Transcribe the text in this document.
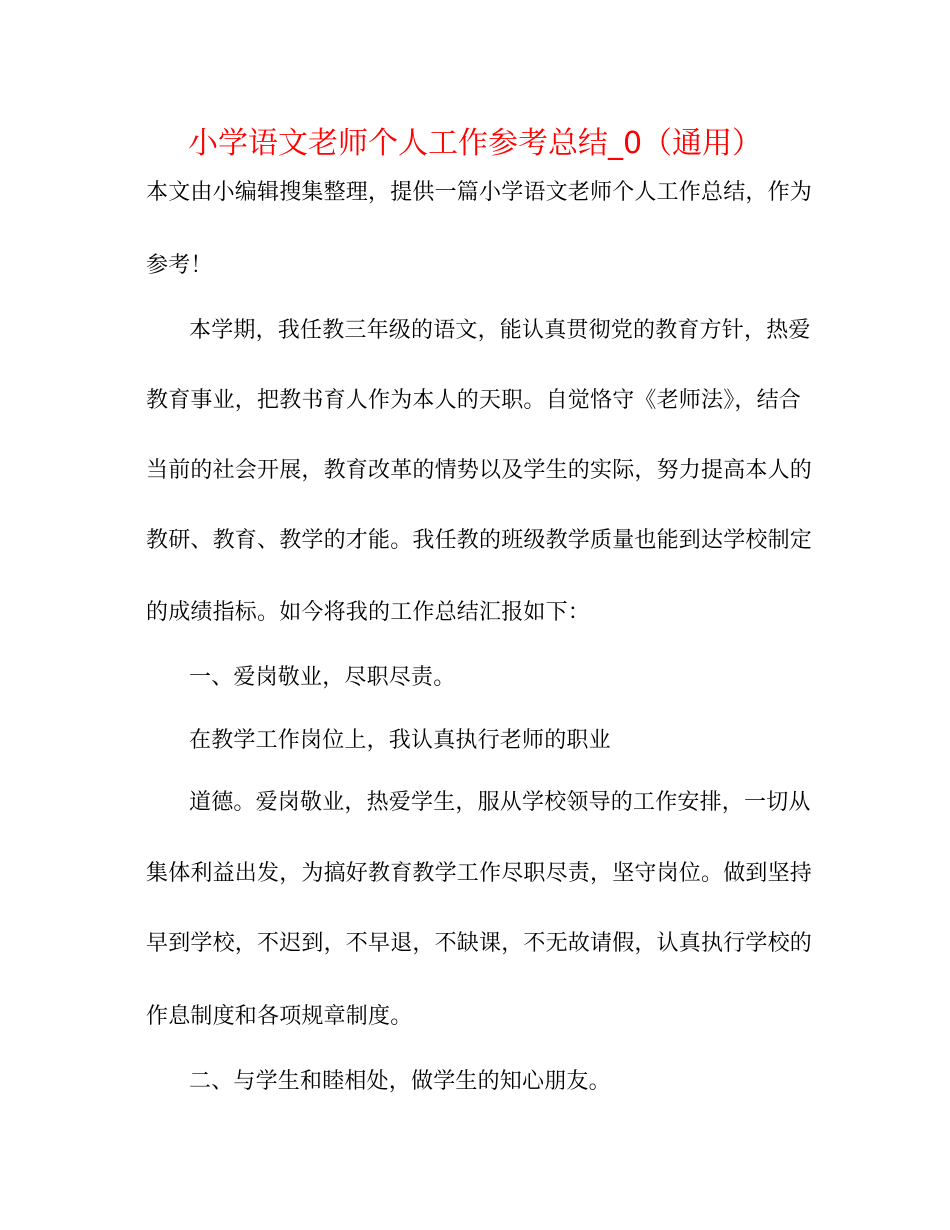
小学语文老师个人工作参考总结_0（通用）
本文由小编辑搜集整理，提供一篇小学语文老师个人工作总结，作为
参考！
本学期，我任教三年级的语文，能认真贯彻党的教育方针，热爱
教育事业，把教书育人作为本人的天职。自觉恪守《老师法》，结合
当前的社会开展，教育改革的情势以及学生的实际，努力提高本人的
教研、教育、教学的才能。我任教的班级教学质量也能到达学校制定
的成绩指标。如今将我的工作总结汇报如下：
一、爱岗敬业，尽职尽责。
在教学工作岗位上，我认真执行老师的职业
道德。爱岗敬业，热爱学生，服从学校领导的工作安排，一切从
集体利益出发，为搞好教育教学工作尽职尽责，坚守岗位。做到坚持
早到学校，不迟到，不早退，不缺课，不无故请假，认真执行学校的
作息制度和各项规章制度。
二、与学生和睦相处，做学生的知心朋友。
